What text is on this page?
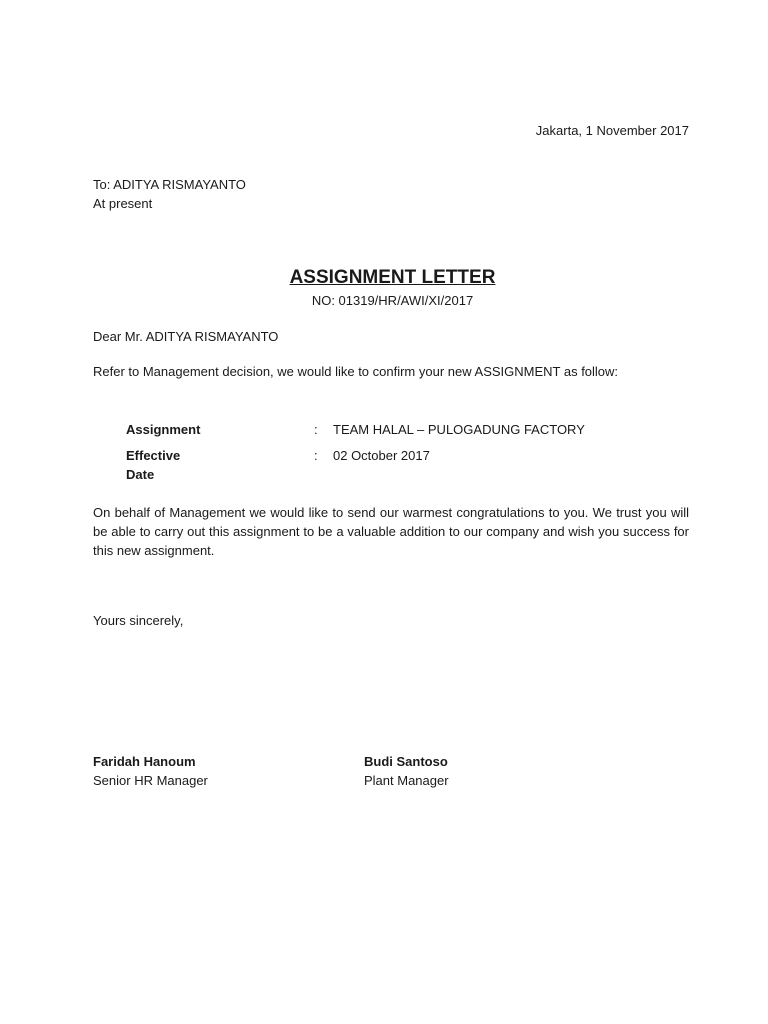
Jakarta, 1 November 2017
To: ADITYA RISMAYANTO
At present
ASSIGNMENT LETTER
NO: 01319/HR/AWI/XI/2017
Dear Mr. ADITYA RISMAYANTO
Refer to Management decision, we would like to confirm your new ASSIGNMENT as follow:
Assignment	: TEAM HALAL – PULOGADUNG FACTORY
Effective Date
: 02 October 2017
On behalf of Management we would like to send our warmest congratulations to you. We trust you will be able to carry out this assignment to be a valuable addition to our company and wish you success for this new assignment.
Yours sincerely,
Faridah Hanoum
Senior HR Manager
Budi Santoso
Plant Manager
